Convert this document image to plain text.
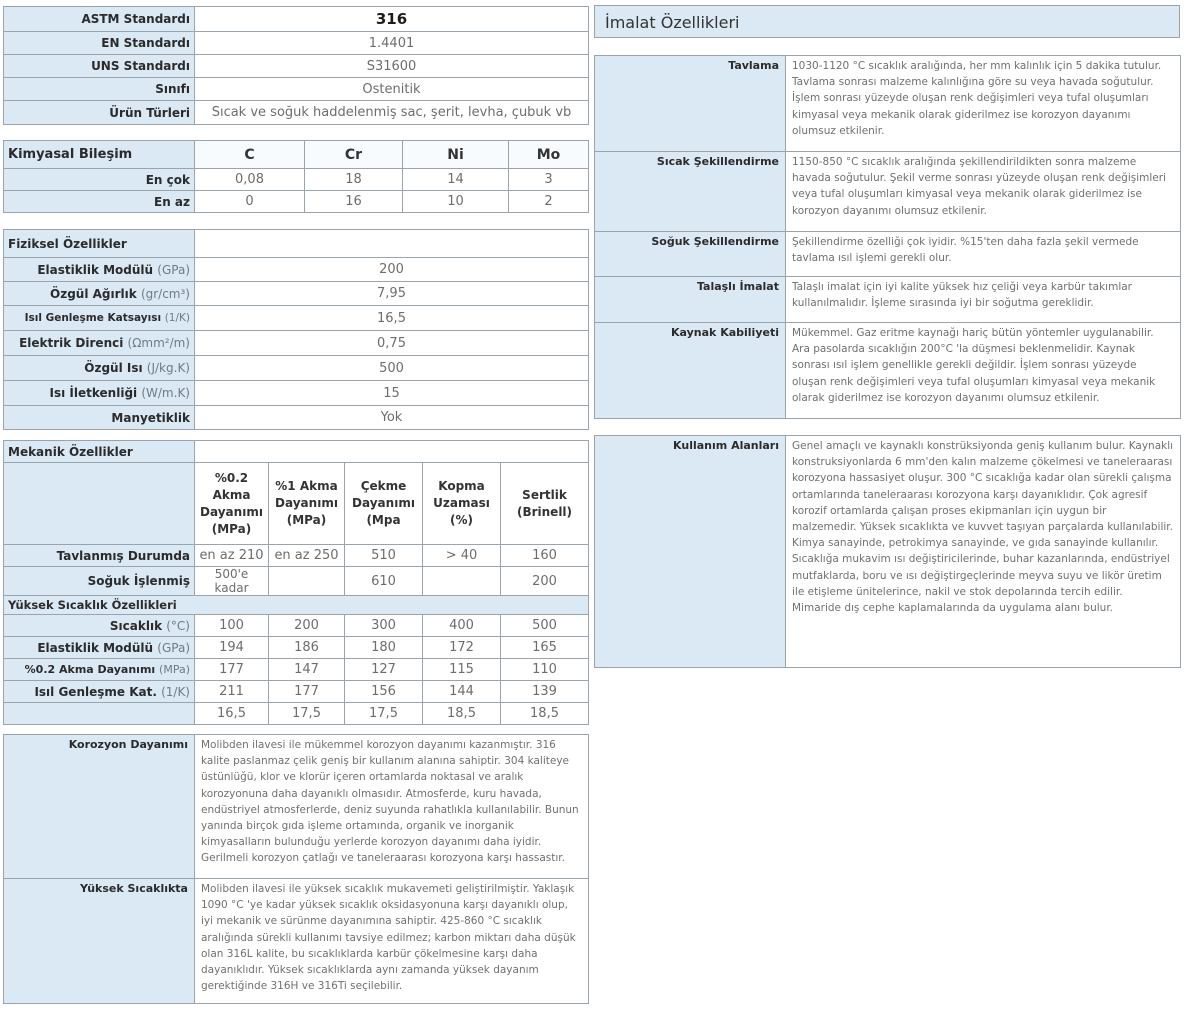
ASTM Standardı	316
EN Standardı	1.4401
UNS Standardı	S31600
Sınıfı	Ostenitik
Ürün Türleri	Sıcak ve soğuk haddelenmiş sac, şerit, levha, çubuk vb
Kimyasal Bileşim	C	Cr	Ni	Mo
En çok	0,08	18	14	3
En az	0	16	10	2
Fiziksel Özellikler	
Elastiklik Modülü (GPa)	200
Özgül Ağırlık (gr/cm³)	7,95
Isıl Genleşme Katsayısı (1/K)	16,5
Elektrik Direnci (Ωmm²/m)	0,75
Özgül Isı (J/kg.K)	500
Isı İletkenliği (W/m.K)	15
Manyetiklik	Yok
Mekanik Özellikler					
	%0.2 Akma Dayanımı (MPa)	%1 Akma Dayanımı (MPa)	Çekme Dayanımı (Mpa	Kopma Uzaması (%)	Sertlik (Brinell)
Tavlanmış Durumda	en az 210	en az 250	510	> 40	160
Soğuk İşlenmiş	500'e kadar		610		200
Yüksek Sıcaklık Özellikleri					
Sıcaklık (°C)	100	200	300	400	500
Elastiklik Modülü (GPa)	194	186	180	172	165
%0.2 Akma Dayanımı (MPa)	177	147	127	115	110
Isıl Genleşme Kat. (1/K)	211	177	156	144	139
	16,5	17,5	17,5	18,5	18,5
Korozyon Dayanımı	Molibden ilavesi ile mükemmel korozyon dayanımı kazanmıştır. 316 kalite paslanmaz çelik geniş bir kullanım alanına sahiptir. 304 kaliteye üstünlüğü, klor ve klorür içeren ortamlarda noktasal ve aralık korozyonuna daha dayanıklı olmasıdır. Atmosferde, kuru havada, endüstriyel atmosferlerde, deniz suyunda rahatlıkla kullanılabilir. Bunun yanında birçok gıda işleme ortamında, organik ve inorganik kimyasalların bulunduğu yerlerde korozyon dayanımı daha iyidir. Gerilmeli korozyon çatlağı ve taneleraarası korozyona karşı hassastır.
Yüksek Sıcaklıkta	Molibden ilavesi ile yüksek sıcaklık mukavemeti geliştirilmiştir. Yaklaşık 1090 °C 'ye kadar yüksek sıcaklık oksidasyonuna karşı dayanıklı olup, iyi mekanik ve sürünme dayanımına sahiptir. 425-860 °C sıcaklık aralığında sürekli kullanımı tavsiye edilmez; karbon miktarı daha düşük olan 316L kalite, bu sıcaklıklarda karbür çökelmesine karşı daha dayanıklıdır. Yüksek sıcaklıklarda aynı zamanda yüksek dayanım gerektiğinde 316H ve 316Ti seçilebilir.
İmalat Özellikleri
Tavlama	1030-1120 °C sıcaklık aralığında, her mm kalınlık için 5 dakika tutulur. Tavlama sonrası malzeme kalınlığına göre su veya havada soğutulur. İşlem sonrası yüzeyde oluşan renk değişimleri veya tufal oluşumları kimyasal veya mekanik olarak giderilmez ise korozyon dayanımı olumsuz etkilenir.
Sıcak Şekillendirme	1150-850 °C sıcaklık aralığında şekillendirildikten sonra malzeme havada soğutulur. Şekil verme sonrası yüzeyde oluşan renk değişimleri veya tufal oluşumları kimyasal veya mekanik olarak giderilmez ise korozyon dayanımı olumsuz etkilenir.
Soğuk Şekillendirme	Şekillendirme özelliği çok iyidir. %15'ten daha fazla şekil vermede tavlama ısıl işlemi gerekli olur.
Talaşlı İmalat	Talaşlı imalat için iyi kalite yüksek hız çeliği veya karbür takımlar kullanılmalıdır. İşleme sırasında iyi bir soğutma gereklidir.
Kaynak Kabiliyeti	Mükemmel. Gaz eritme kaynağı hariç bütün yöntemler uygulanabilir. Ara pasolarda sıcaklığın 200°C 'la düşmesi beklenmelidir. Kaynak sonrası ısıl işlem genellikle gerekli değildir. İşlem sonrası yüzeyde oluşan renk değişimleri veya tufal oluşumları kimyasal veya mekanik olarak giderilmez ise korozyon dayanımı olumsuz etkilenir.
Kullanım Alanları	Genel amaçlı ve kaynaklı konstrüksiyonda geniş kullanım bulur. Kaynaklı konstruksiyonlarda 6 mm'den kalın malzeme çökelmesi ve taneleraarası korozyona hassasiyet oluşur. 300 °C sıcaklığa kadar olan sürekli çalışma ortamlarında taneleraarası korozyona karşı dayanıklıdır. Çok agresif korozif ortamlarda çalışan proses ekipmanları için uygun bir malzemedir. Yüksek sıcaklıkta ve kuvvet taşıyan parçalarda kullanılabilir.
Kimya sanayinde, petrokimya sanayinde, ve gıda sanayinde kullanılır. Sıcaklığa mukavim ısı değiştiricilerinde, buhar kazanlarında, endüstriyel mutfaklarda, boru ve ısı değiştirgeçlerinde meyva suyu ve likör üretim ile etişleme ünitelerince, nakil ve stok depolarında tercih edilir. Mimaride dış cephe kaplamalarında da uygulama alanı bulur.
